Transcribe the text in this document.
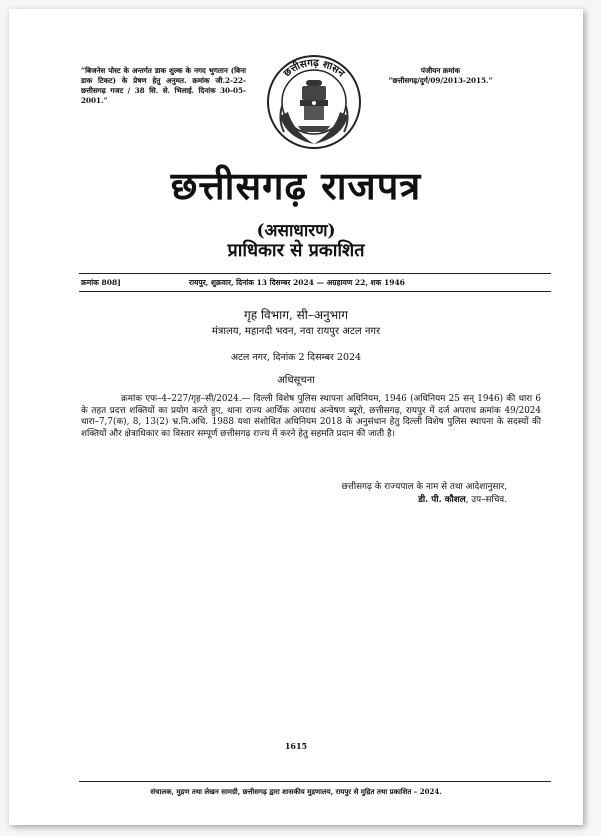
“बिजनेस पोस्ट के अन्तर्गत डाक शुल्क के नगद भुगतान (बिना डाक टिकट) के प्रेषण हेतु अनुमत. क्रमांक जी.2-22-छत्तीसगढ़ गजट / 38 सि. से. भिलाई. दिनांक 30-05-2001.”
पंजीयन क्रमांक
“छत्तीसगढ़/दुर्ग/09/2013-2015.”
छत्तीसगढ़ शासन
छत्तीसगढ़ राजपत्र
(असाधारण)
प्राधिकार से प्रकाशित
क्रमांक 808]	रायपुर, शुक्रवार, दिनांक 13 दिसम्बर 2024 — अग्रहायण 22, शक 1946
गृह विभाग, सी–अनुभाग
मंत्रालय, महानदी भवन, नवा रायपुर अटल नगर
अटल नगर, दिनांक 2 दिसम्बर 2024
अधिसूचना
क्रमांक एफ–4–227/गृह–सी/2024.— दिल्ली विशेष पुलिस स्थापना अधिनियम, 1946 (अधिनियम 25 सन् 1946) की धारा 6 के तहत प्रदत्त शक्तियों का प्रयोग करते हुए, थाना राज्य आर्थिक अपराध अन्वेषण ब्यूरो, छत्तीसगढ़, रायपुर में दर्ज अपराध क्रमांक 49/2024 धारा–7,7(क), 8, 13(2) भ्र.नि.अधि. 1988 यथा संशोधित अधिनियम 2018 के अनुसंधान हेतु दिल्ली विशेष पुलिस स्थापना के सदस्यों की शक्तियों और क्षेत्राधिकार का विस्तार सम्पूर्ण छत्तीसगढ़ राज्य में करने हेतु सहमति प्रदान की जाती है।
छत्तीसगढ़ के राज्यपाल के नाम से तथा आदेशानुसार,
डी. पी. कौशल, उप–सचिव.
1615
संचालक, मुद्रण तथा लेखन सामग्री, छत्तीसगढ़ द्वारा शासकीय मुद्रणालय, रायपुर से मुद्रित तथा प्रकाशित – 2024.
